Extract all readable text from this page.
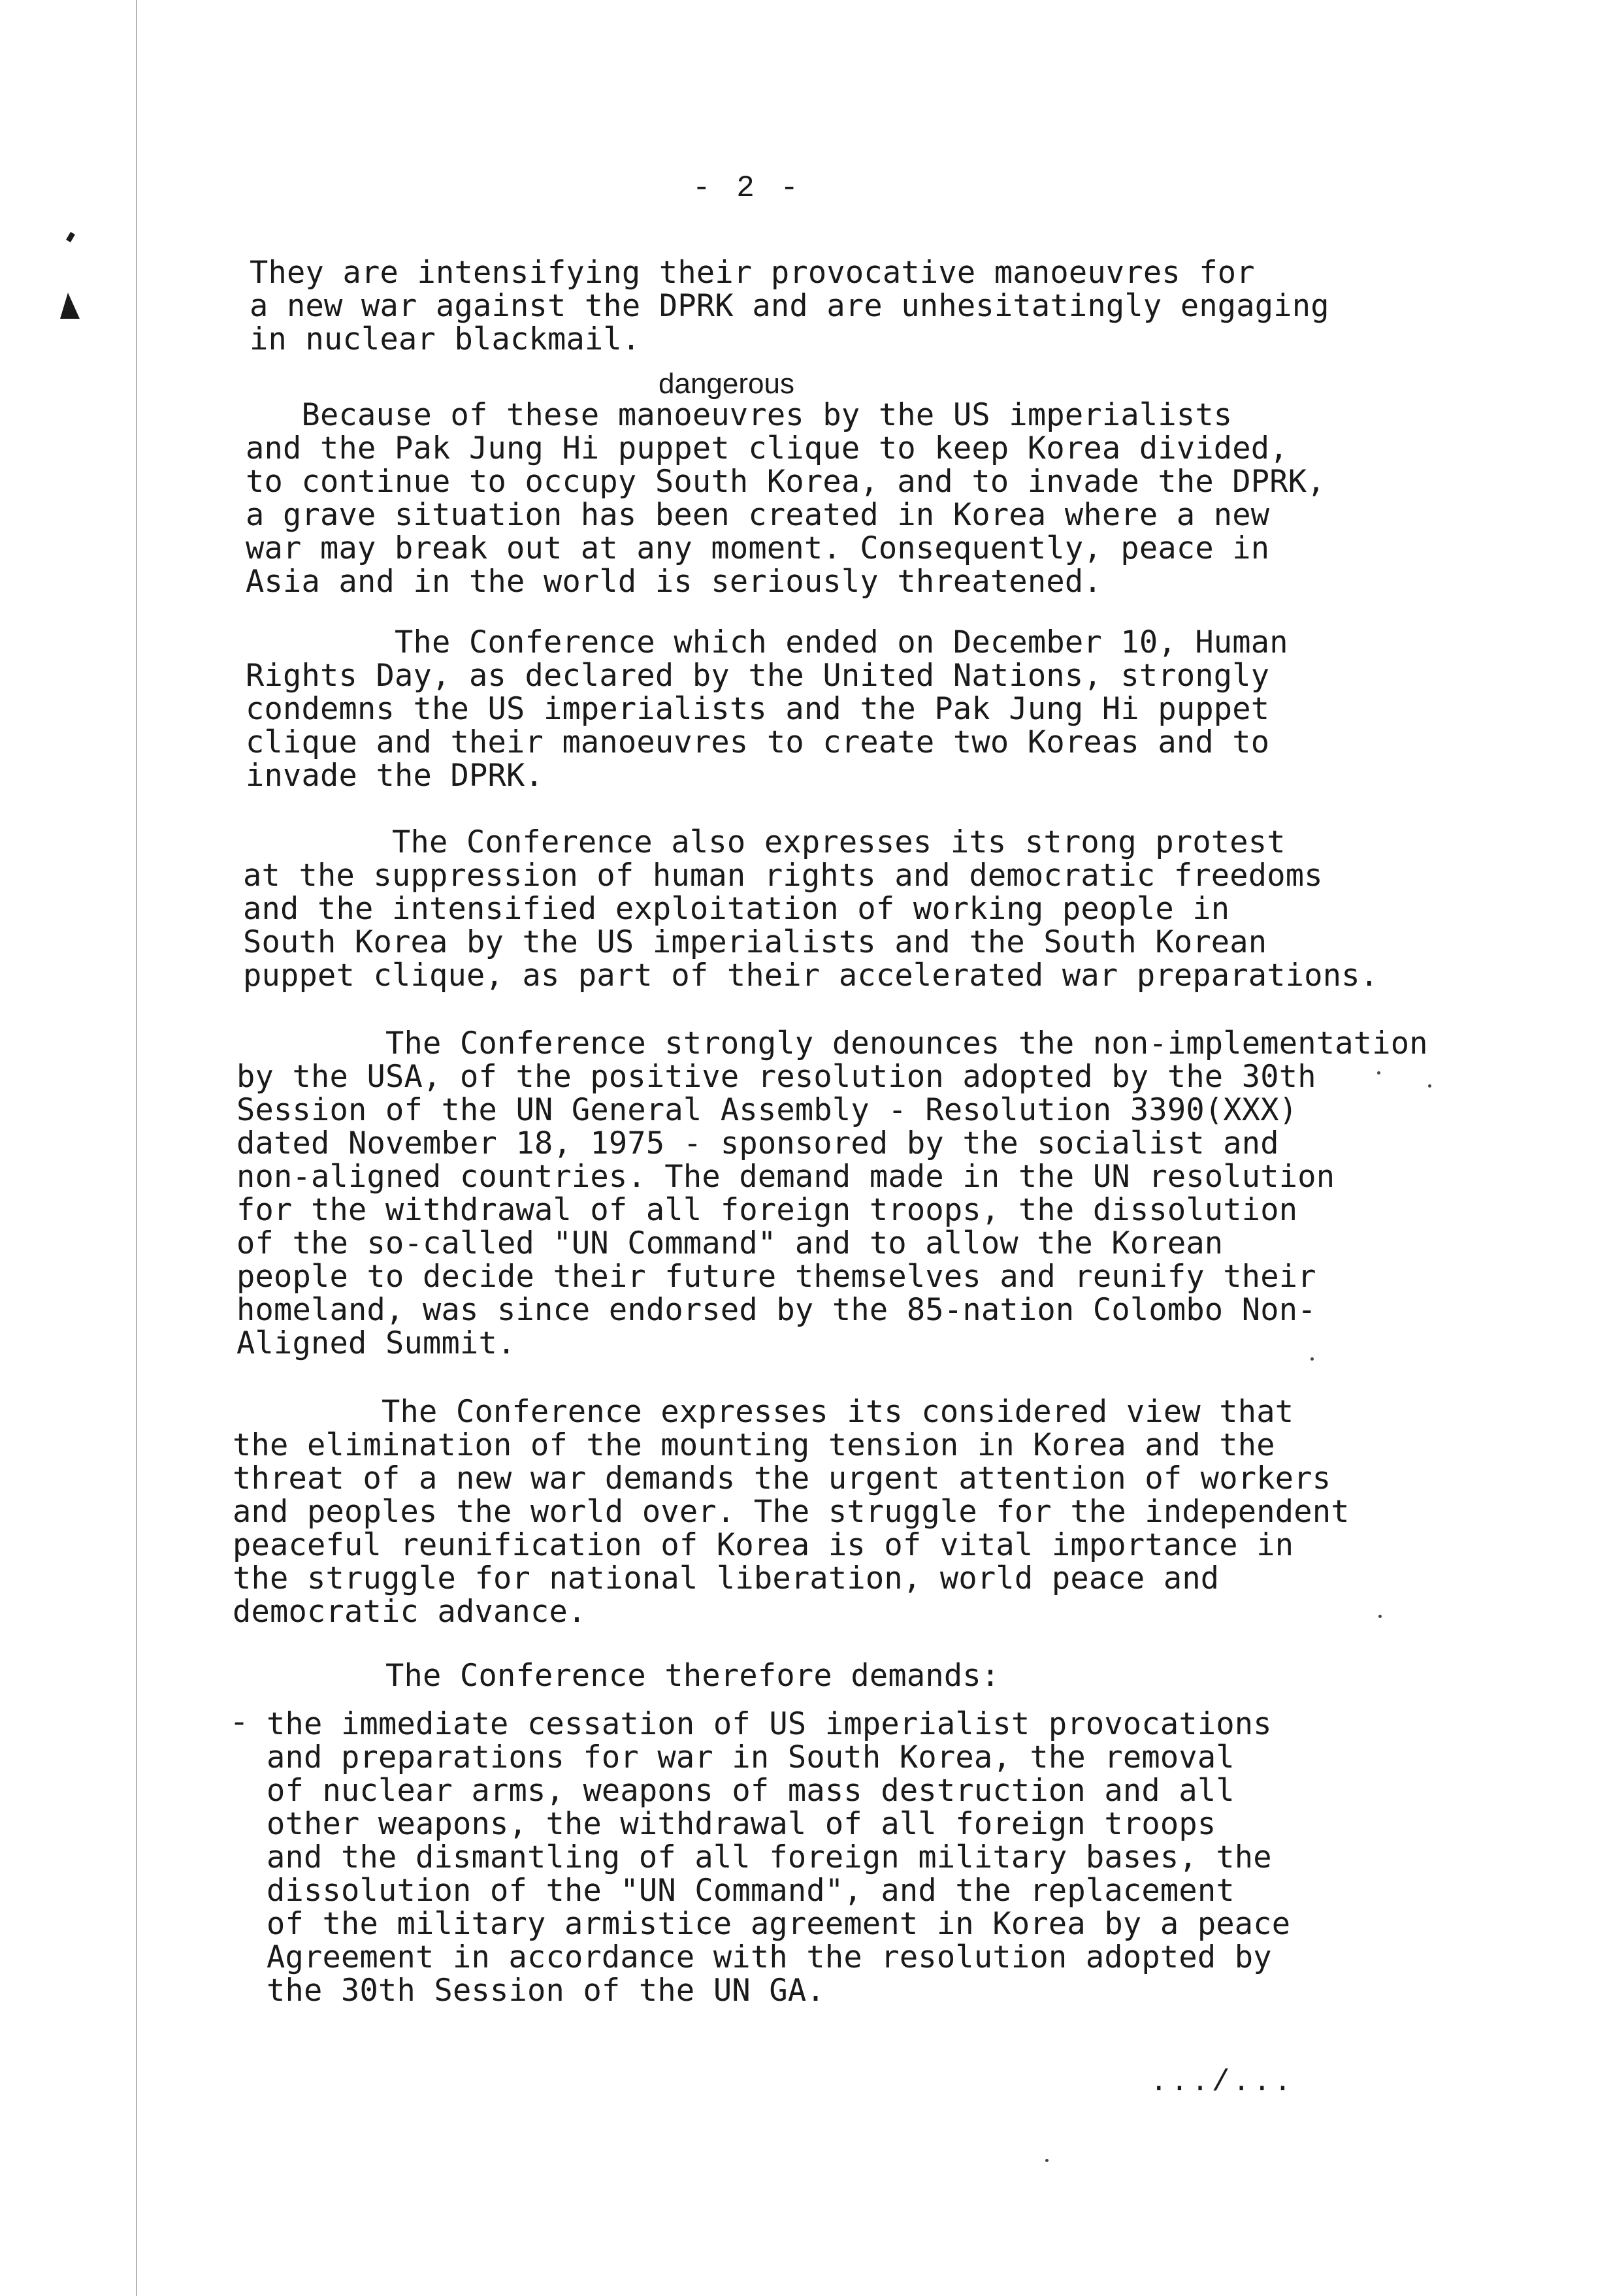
- 2 -
dangerous
They are intensifying their provocative manoeuvres for
a new war against the DPRK and are unhesitatingly engaging
in nuclear blackmail.
Because of these manoeuvres by the US imperialists
and the Pak Jung Hi puppet clique to keep Korea divided,
to continue to occupy South Korea, and to invade the DPRK,
a grave situation has been created in Korea where a new
war may break out at any moment. Consequently, peace in
Asia and in the world is seriously threatened.
The Conference which ended on December 10, Human
Rights Day, as declared by the United Nations, strongly
condemns the US imperialists and the Pak Jung Hi puppet
clique and their manoeuvres to create two Koreas and to
invade the DPRK.
The Conference also expresses its strong protest
at the suppression of human rights and democratic freedoms
and the intensified exploitation of working people in
South Korea by the US imperialists and the South Korean
puppet clique, as part of their accelerated war preparations.
The Conference strongly denounces the non-implementation
by the USA, of the positive resolution adopted by the 30th
Session of the UN General Assembly - Resolution 3390(XXX)
dated November 18, 1975 - sponsored by the socialist and
non-aligned countries. The demand made in the UN resolution
for the withdrawal of all foreign troops, the dissolution
of the so-called "UN Command" and to allow the Korean
people to decide their future themselves and reunify their
homeland, was since endorsed by the 85-nation Colombo Non-
Aligned Summit.
The Conference expresses its considered view that
the elimination of the mounting tension in Korea and the
threat of a new war demands the urgent attention of workers
and peoples the world over. The struggle for the independent
peaceful reunification of Korea is of vital importance in
the struggle for national liberation, world peace and
democratic advance.
The Conference therefore demands:
- the immediate cessation of US imperialist provocations
and preparations for war in South Korea, the removal
of nuclear arms, weapons of mass destruction and all
other weapons, the withdrawal of all foreign troops
and the dismantling of all foreign military bases, the
dissolution of the "UN Command", and the replacement
of the military armistice agreement in Korea by a peace
Agreement in accordance with the resolution adopted by
the 30th Session of the UN GA.
.../...
